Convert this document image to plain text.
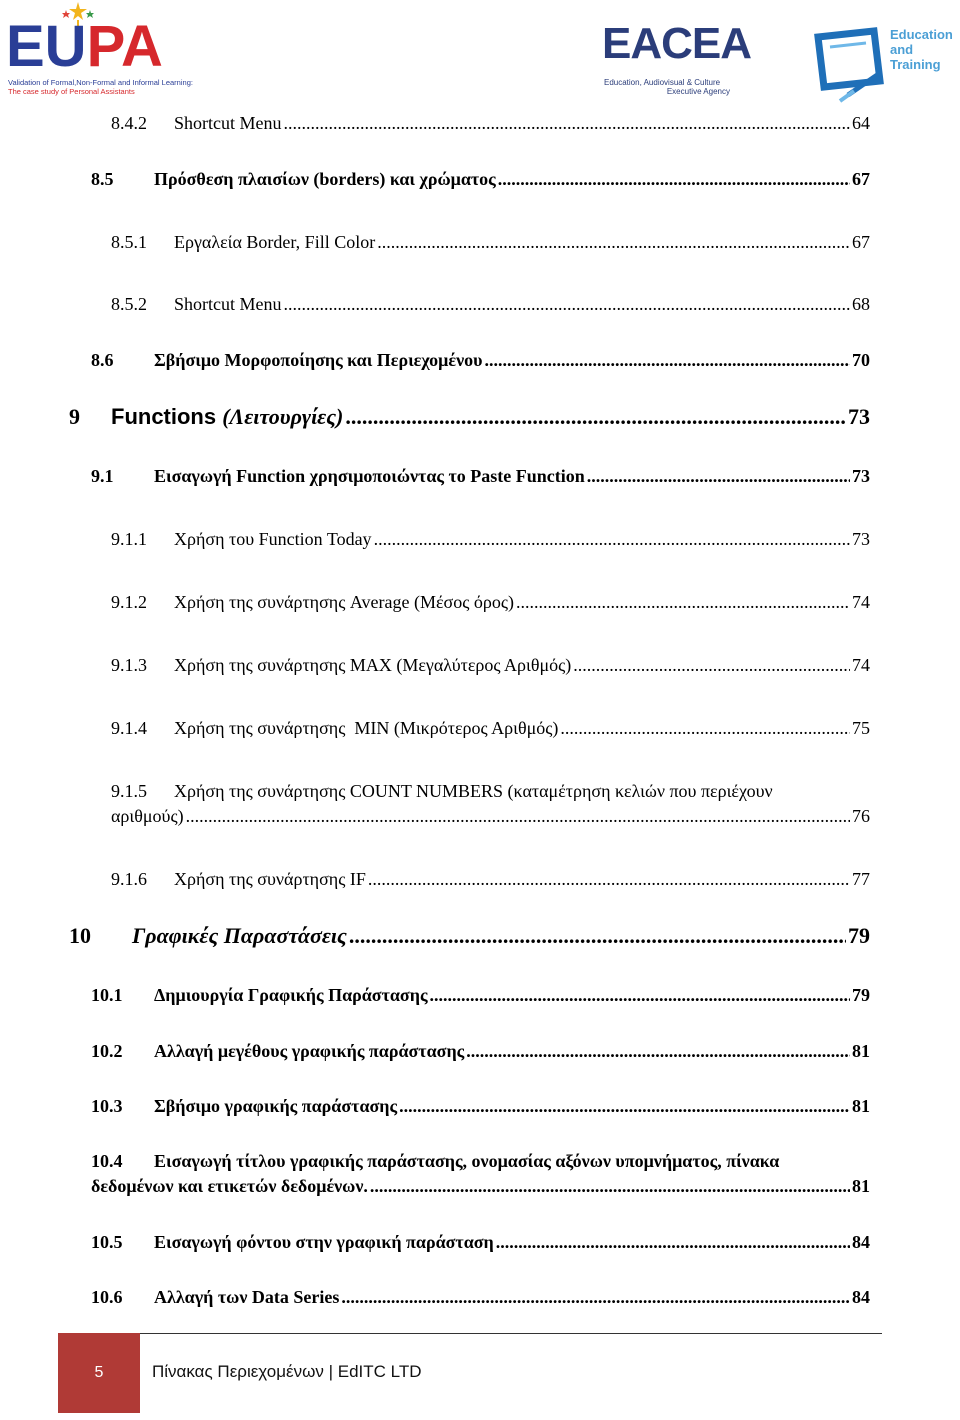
EUPA
Validation of Formal,Non-Formal and Informal Learning:
The case study of Personal Assistants
EACEA
Education, Audiovisual & Culture
Executive Agency
Education
and
Training
8.4.2	Shortcut Menu .....	64
8.5	Πρόσθεση πλαισίων (borders) και χρώματος .....	67
8.5.1	Εργαλεία Border, Fill Color .....	67
8.5.2	Shortcut Menu .....	68
8.6	Σβήσιμο Μορφοποίησης και Περιεχομένου .....	70
9	Functions (Λειτουργίες) .....	73
9.1	Εισαγωγή Function χρησιμοποιώντας το Paste Function .....	73
9.1.1	Χρήση του Function Today .....	73
9.1.2	Χρήση της συνάρτησης Average (Μέσος όρος) .....	74
9.1.3	Χρήση της συνάρτησης MAX (Μεγαλύτερος Αριθμός) .....	74
9.1.4	Χρήση της συνάρτησης  MIN (Μικρότερος Αριθμός) .....	75
9.1.5 Χρήση της συνάρτησης COUNT NUMBERS (καταμέτρηση κελιών που περιέχουν
αριθμούς) .....	76
9.1.6	Χρήση της συνάρτησης IF .....	77
10	Γραφικές Παραστάσεις .....	79
10.1	Δημιουργία Γραφικής Παράστασης .....	79
10.2	Αλλαγή μεγέθους γραφικής παράστασης .....	81
10.3	Σβήσιμο γραφικής παράστασης .....	81
10.4 Εισαγωγή τίτλου γραφικής παράστασης, ονομασίας αξόνων υπομνήματος, πίνακα
δεδομένων και ετικετών δεδομένων. .....	81
10.5	Εισαγωγή φόντου στην γραφική παράσταση .....	84
10.6	Αλλαγή των Data Series .....	84
5	Πίνακας Περιεχομένων | EdITC LTD
